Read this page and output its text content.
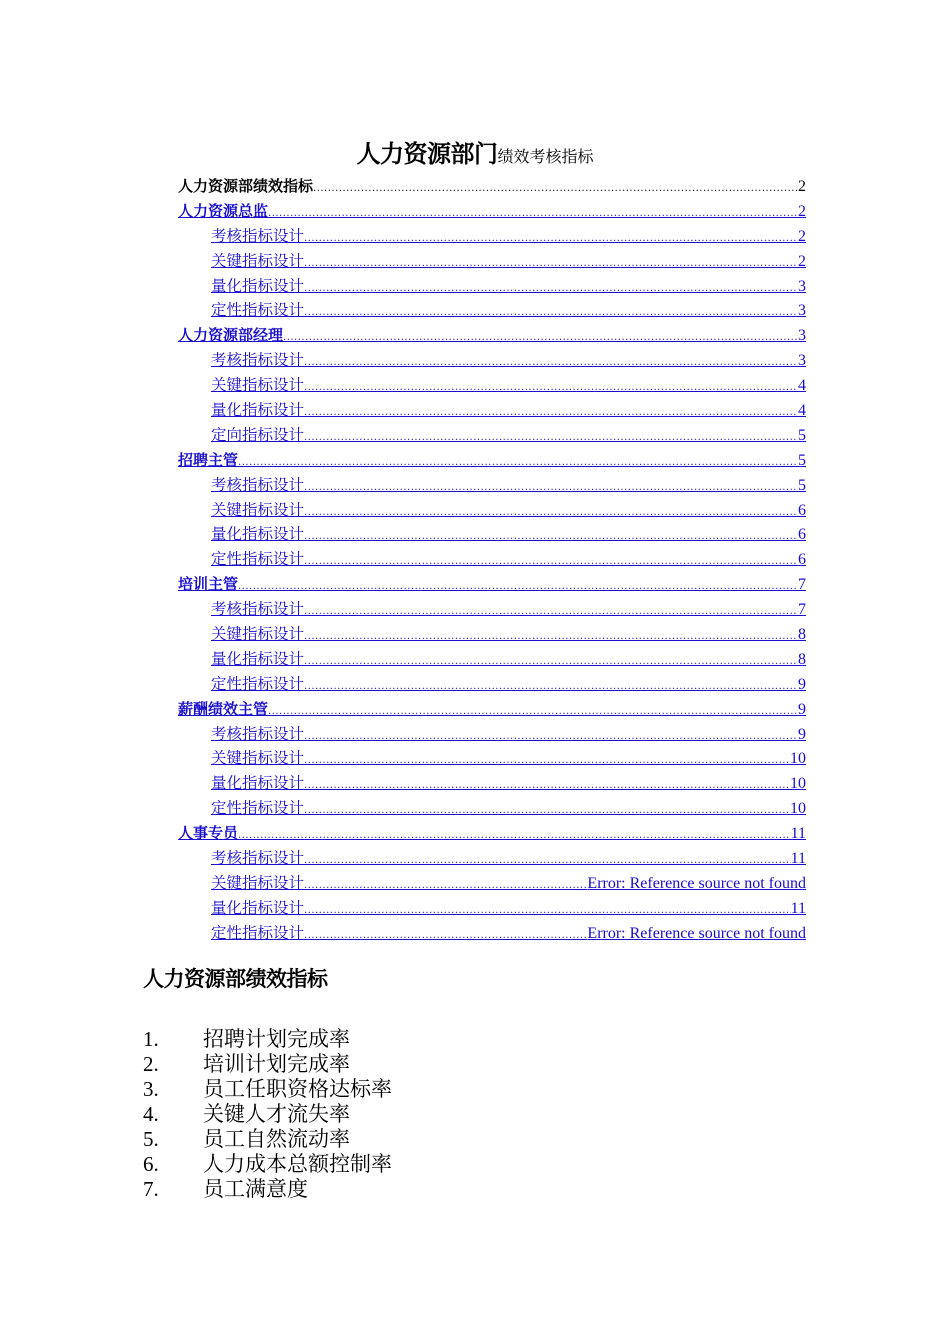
人力资源部门绩效考核指标
人力资源部绩效指标 .....	2
人力资源总监 .....	2
考核指标设计 .....	2
关键指标设计 .....	2
量化指标设计 .....	3
定性指标设计 .....	3
人力资源部经理 .....	3
考核指标设计 .....	3
关键指标设计 .....	4
量化指标设计 .....	4
定向指标设计 .....	5
招聘主管 .....	5
考核指标设计 .....	5
关键指标设计 .....	6
量化指标设计 .....	6
定性指标设计 .....	6
培训主管 .....	7
考核指标设计 .....	7
关键指标设计 .....	8
量化指标设计 .....	8
定性指标设计 .....	9
薪酬绩效主管 .....	9
考核指标设计 .....	9
关键指标设计 .....	10
量化指标设计 .....	10
定性指标设计 .....	10
人事专员 .....	11
考核指标设计 .....	11
关键指标设计 .....	Error: Reference source not found
量化指标设计 .....	11
定性指标设计 .....	Error: Reference source not found
人力资源部绩效指标
1.	招聘计划完成率
2.	培训计划完成率
3.	员工任职资格达标率
4.	关键人才流失率
5.	员工自然流动率
6.	人力成本总额控制率
7.	员工满意度
